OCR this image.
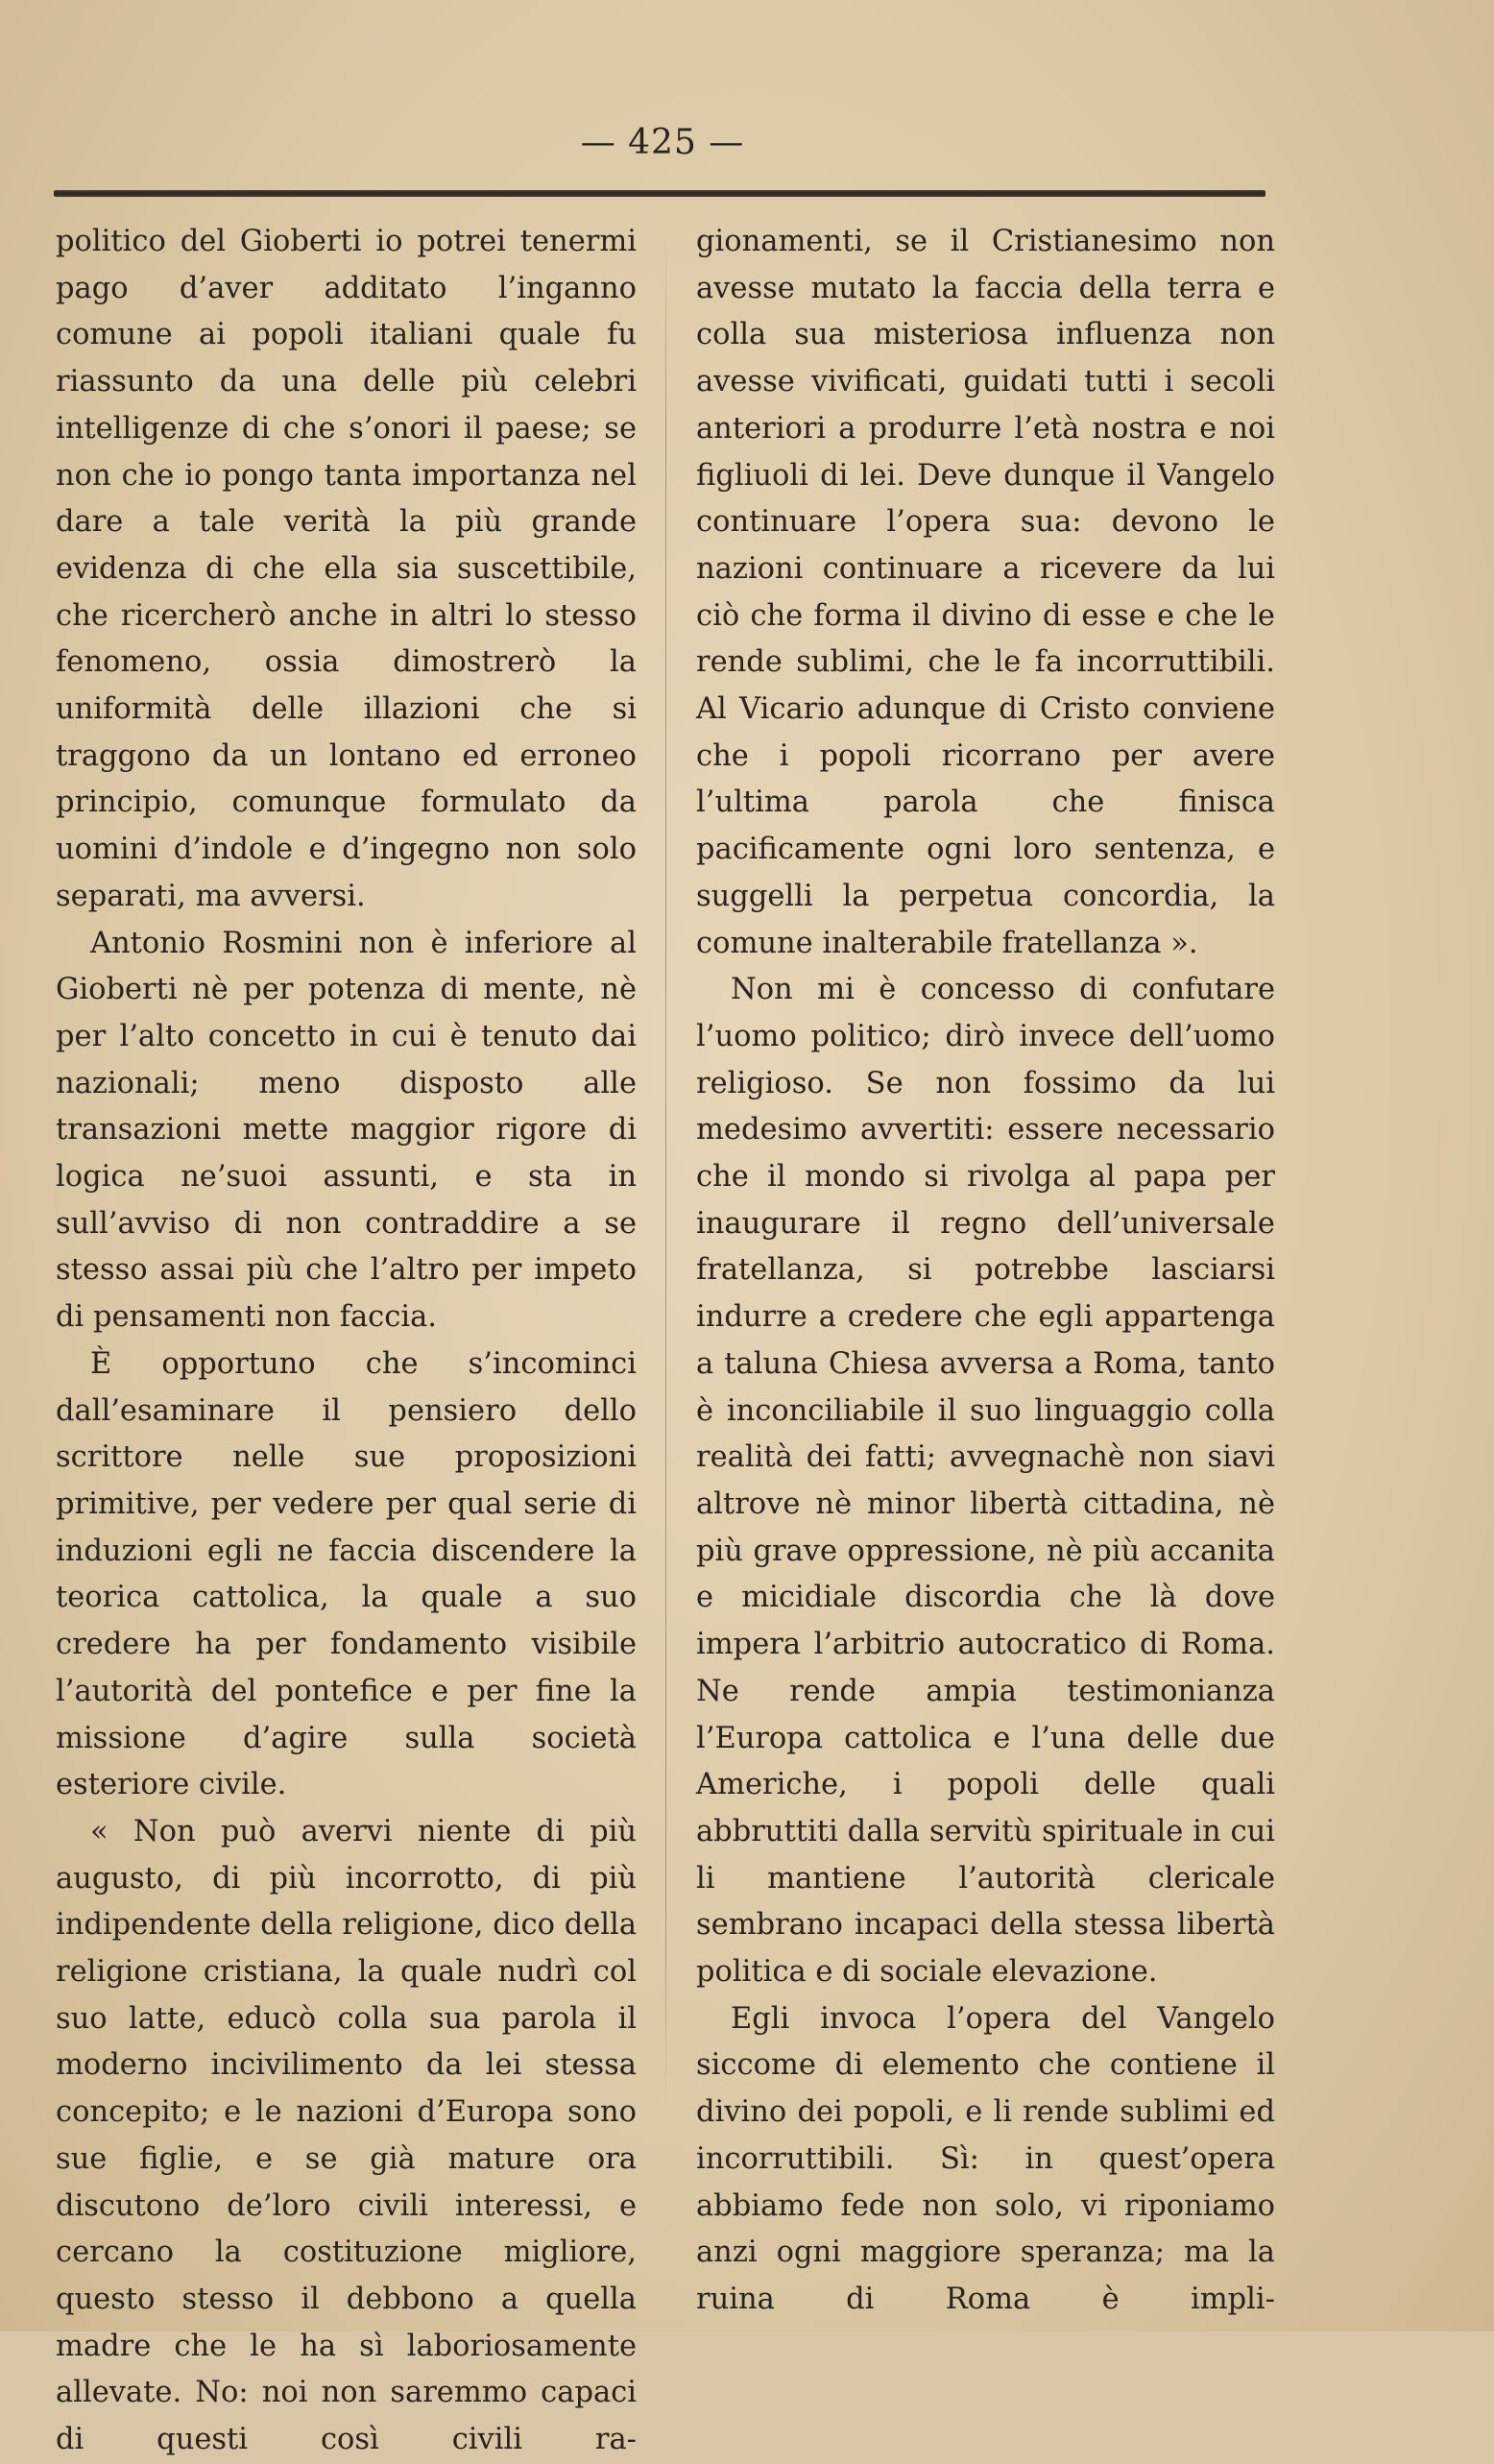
— 425 —

politico del Gioberti io potrei tenermi pago d’aver additato l’inganno comune ai popoli italiani quale fu riassunto da una delle più celebri intelligenze di che s’onori il paese; se non che io pongo tanta importanza nel dare a tale verità la più grande evidenza di che ella sia suscettibile, che ricercherò anche in altri lo stesso fenomeno, ossia dimostrerò la uniformità delle illazioni che si traggono da un lontano ed erroneo principio, comunque formulato da uomini d’indole e d’ingegno non solo separati, ma avversi.

Antonio Rosmini non è inferiore al Gioberti nè per potenza di mente, nè per l’alto concetto in cui è tenuto dai nazionali; meno disposto alle transazioni mette maggior rigore di logica ne’suoi assunti, e sta in sull’avviso di non contraddire a se stesso assai più che l’altro per impeto di pensamenti non faccia.

È opportuno che s’incominci dall’esaminare il pensiero dello scrittore nelle sue proposizioni primitive, per vedere per qual serie di induzioni egli ne faccia discendere la teorica cattolica, la quale a suo credere ha per fondamento visibile l’autorità del pontefice e per fine la missione d’agire sulla società esteriore civile.

« Non può avervi niente di più augusto, di più incorrotto, di più indipendente della religione, dico della religione cristiana, la quale nudrì col suo latte, educò colla sua parola il moderno incivilimento da lei stessa concepito; e le nazioni d’Europa sono sue figlie, e se già mature ora discutono de’loro civili interessi, e cercano la costituzione migliore, questo stesso il debbono a quella madre che le ha sì laboriosamente allevate. No: noi non saremmo capaci di questi così civili ra-

gionamenti, se il Cristianesimo non avesse mutato la faccia della terra e colla sua misteriosa influenza non avesse vivificati, guidati tutti i secoli anteriori a produrre l’età nostra e noi figliuoli di lei. Deve dunque il Vangelo continuare l’opera sua: devono le nazioni continuare a ricevere da lui ciò che forma il divino di esse e che le rende sublimi, che le fa incorruttibili. Al Vicario adunque di Cristo conviene che i popoli ricorrano per avere l’ultima parola che finisca pacificamente ogni loro sentenza, e suggelli la perpetua concordia, la comune inalterabile fratellanza ».

Non mi è concesso di confutare l’uomo politico; dirò invece dell’uomo religioso. Se non fossimo da lui medesimo avvertiti: essere necessario che il mondo si rivolga al papa per inaugurare il regno dell’universale fratellanza, si potrebbe lasciarsi indurre a credere che egli appartenga a taluna Chiesa avversa a Roma, tanto è inconciliabile il suo linguaggio colla realità dei fatti; avvegnachè non siavi altrove nè minor libertà cittadina, nè più grave oppressione, nè più accanita e micidiale discordia che là dove impera l’arbitrio autocratico di Roma. Ne rende ampia testimonianza l’Europa cattolica e l’una delle due Americhe, i popoli delle quali abbruttiti dalla servitù spirituale in cui li mantiene l’autorità clericale sembrano incapaci della stessa libertà politica e di sociale elevazione.

Egli invoca l’opera del Vangelo siccome di elemento che contiene il divino dei popoli, e li rende sublimi ed incorruttibili. Sì: in quest’opera abbiamo fede non solo, vi riponiamo anzi ogni maggiore speranza; ma la ruina di Roma è impli-
